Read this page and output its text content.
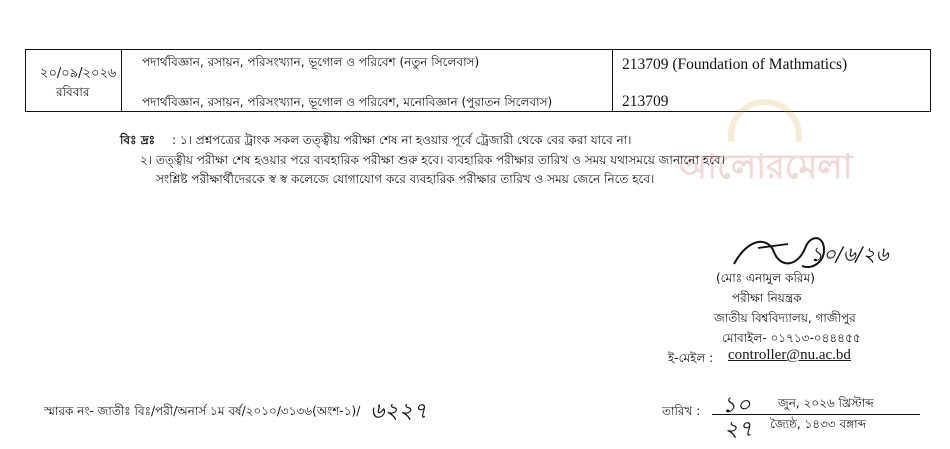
২০/০৯/২০২৬
রবিবার
পদার্থবিজ্ঞান, রসায়ন, পরিসংখ্যান, ভূগোল ও পরিবেশ (নতুন সিলেবাস)	213709 (Foundation of Mathmatics)
পদার্থবিজ্ঞান, রসায়ন, পরিসংখ্যান, ভূগোল ও পরিবেশ, মনোবিজ্ঞান (পুরাতন সিলেবাস)	213709
আলোরমেলা
বিঃ দ্রঃ : ১। প্রশ্নপত্রের ট্রাংক সকল তত্ত্বীয় পরীক্ষা শেষ না হওয়ার পূর্বে ট্রেজারী থেকে বের করা যাবে না।
২। তত্ত্বীয় পরীক্ষা শেষ হওয়ার পরে ব্যবহারিক পরীক্ষা শুরু হবে। ব্যবহারিক পরীক্ষার তারিখ ও সময় যথাসময়ে জানানো হবে।
সংশ্লিষ্ট পরীক্ষার্থীদেরকে স্ব স্ব কলেজে যোগাযোগ করে ব্যবহারিক পরীক্ষার তারিখ ও সময় জেনে নিতে হবে।
১০/৬/২৬
(মোঃ এনামুল করিম)
পরীক্ষা নিয়ন্ত্রক
জাতীয় বিশ্ববিদ্যালয়, গাজীপুর
মোবাইল- ০১৭১৩-০৪৪৪৫৫
ই-মেইল : controller@nu.ac.bd
স্মারক নং- জাতীঃ বিঃ/পরী/অনার্স ১ম বর্ষ/২০১০/৩১৩৬(অংশ-১)/ ৬২২৭	তারিখ : ১০ জুন, ২০২৬ খ্রিস্টাব্দ
২৭ জ্যৈষ্ঠ, ১৪৩৩ বঙ্গাব্দ
